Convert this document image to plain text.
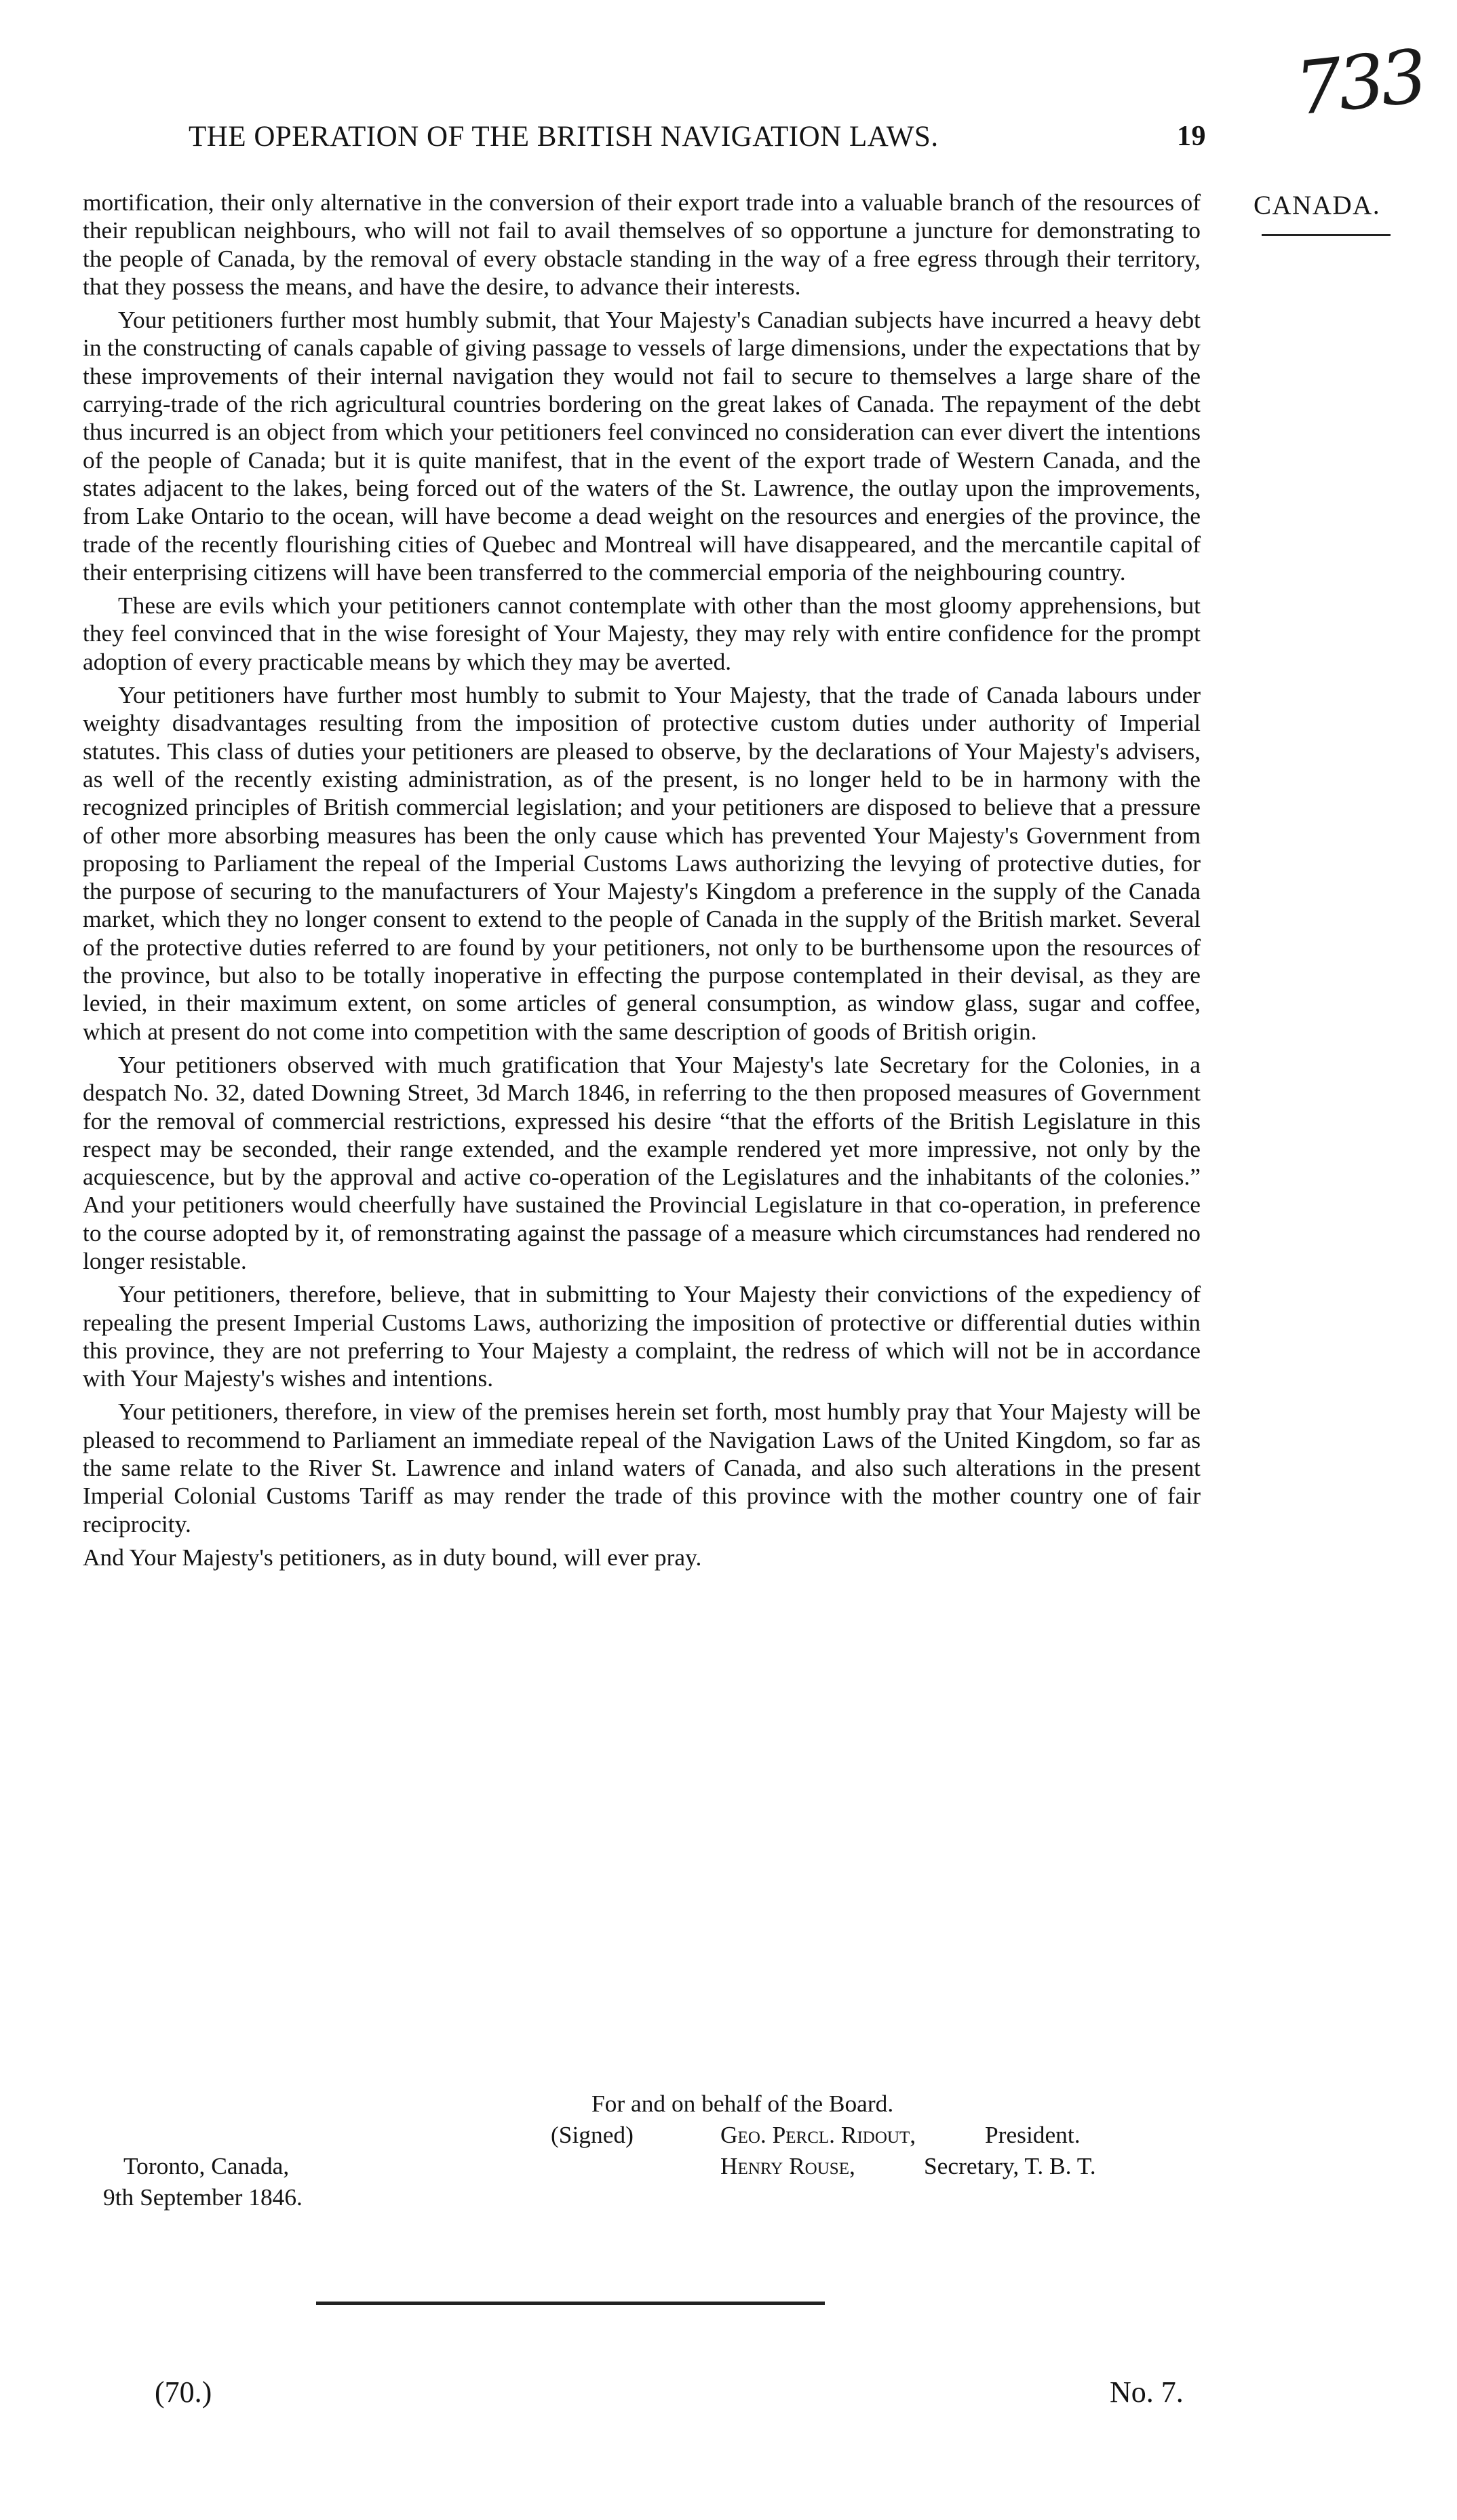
THE OPERATION OF THE BRITISH NAVIGATION LAWS.	19
733
CANADA.

mortification, their only alternative in the conversion of their export trade into a valuable branch of the resources of their republican neighbours, who will not fail to avail themselves of so opportune a juncture for demonstrating to the people of Canada, by the removal of every obstacle standing in the way of a free egress through their territory, that they possess the means, and have the desire, to advance their interests.

Your petitioners further most humbly submit, that Your Majesty's Canadian subjects have incurred a heavy debt in the constructing of canals capable of giving passage to vessels of large dimensions, under the expectations that by these improvements of their internal navigation they would not fail to secure to themselves a large share of the carrying-trade of the rich agricultural countries bordering on the great lakes of Canada. The repayment of the debt thus incurred is an object from which your petitioners feel convinced no consideration can ever divert the intentions of the people of Canada; but it is quite manifest, that in the event of the export trade of Western Canada, and the states adjacent to the lakes, being forced out of the waters of the St. Lawrence, the outlay upon the improvements, from Lake Ontario to the ocean, will have become a dead weight on the resources and energies of the province, the trade of the recently flourishing cities of Quebec and Montreal will have disappeared, and the mercantile capital of their enterprising citizens will have been transferred to the commercial emporia of the neighbouring country.

These are evils which your petitioners cannot contemplate with other than the most gloomy apprehensions, but they feel convinced that in the wise foresight of Your Majesty, they may rely with entire confidence for the prompt adoption of every practicable means by which they may be averted.

Your petitioners have further most humbly to submit to Your Majesty, that the trade of Canada labours under weighty disadvantages resulting from the imposition of protective custom duties under authority of Imperial statutes. This class of duties your petitioners are pleased to observe, by the declarations of Your Majesty's advisers, as well of the recently existing administration, as of the present, is no longer held to be in harmony with the recognized principles of British commercial legislation; and your petitioners are disposed to believe that a pressure of other more absorbing measures has been the only cause which has prevented Your Majesty's Government from proposing to Parliament the repeal of the Imperial Customs Laws authorizing the levying of protective duties, for the purpose of securing to the manufacturers of Your Majesty's Kingdom a preference in the supply of the Canada market, which they no longer consent to extend to the people of Canada in the supply of the British market. Several of the protective duties referred to are found by your petitioners, not only to be burthensome upon the resources of the province, but also to be totally inoperative in effecting the purpose contemplated in their devisal, as they are levied, in their maximum extent, on some articles of general consumption, as window glass, sugar and coffee, which at present do not come into competition with the same description of goods of British origin.

Your petitioners observed with much gratification that Your Majesty's late Secretary for the Colonies, in a despatch No. 32, dated Downing Street, 3d March 1846, in referring to the then proposed measures of Government for the removal of commercial restrictions, expressed his desire “that the efforts of the British Legislature in this respect may be seconded, their range extended, and the example rendered yet more impressive, not only by the acquiescence, but by the approval and active co-operation of the Legislatures and the inhabitants of the colonies.” And your petitioners would cheerfully have sustained the Provincial Legislature in that co-operation, in preference to the course adopted by it, of remonstrating against the passage of a measure which circumstances had rendered no longer resistable.

Your petitioners, therefore, believe, that in submitting to Your Majesty their convictions of the expediency of repealing the present Imperial Customs Laws, authorizing the imposition of protective or differential duties within this province, they are not preferring to Your Majesty a complaint, the redress of which will not be in accordance with Your Majesty's wishes and intentions.

Your petitioners, therefore, in view of the premises herein set forth, most humbly pray that Your Majesty will be pleased to recommend to Parliament an immediate repeal of the Navigation Laws of the United Kingdom, so far as the same relate to the River St. Lawrence and inland waters of Canada, and also such alterations in the present Imperial Colonial Customs Tariff as may render the trade of this province with the mother country one of fair reciprocity.

And Your Majesty's petitioners, as in duty bound, will ever pray.

For and on behalf of the Board.
(Signed)	Geo. Percl. Ridout,	President.
Toronto, Canada,	Henry Rouse,	Secretary, T. B. T.
9th September 1846.
(70.)	No. 7.
